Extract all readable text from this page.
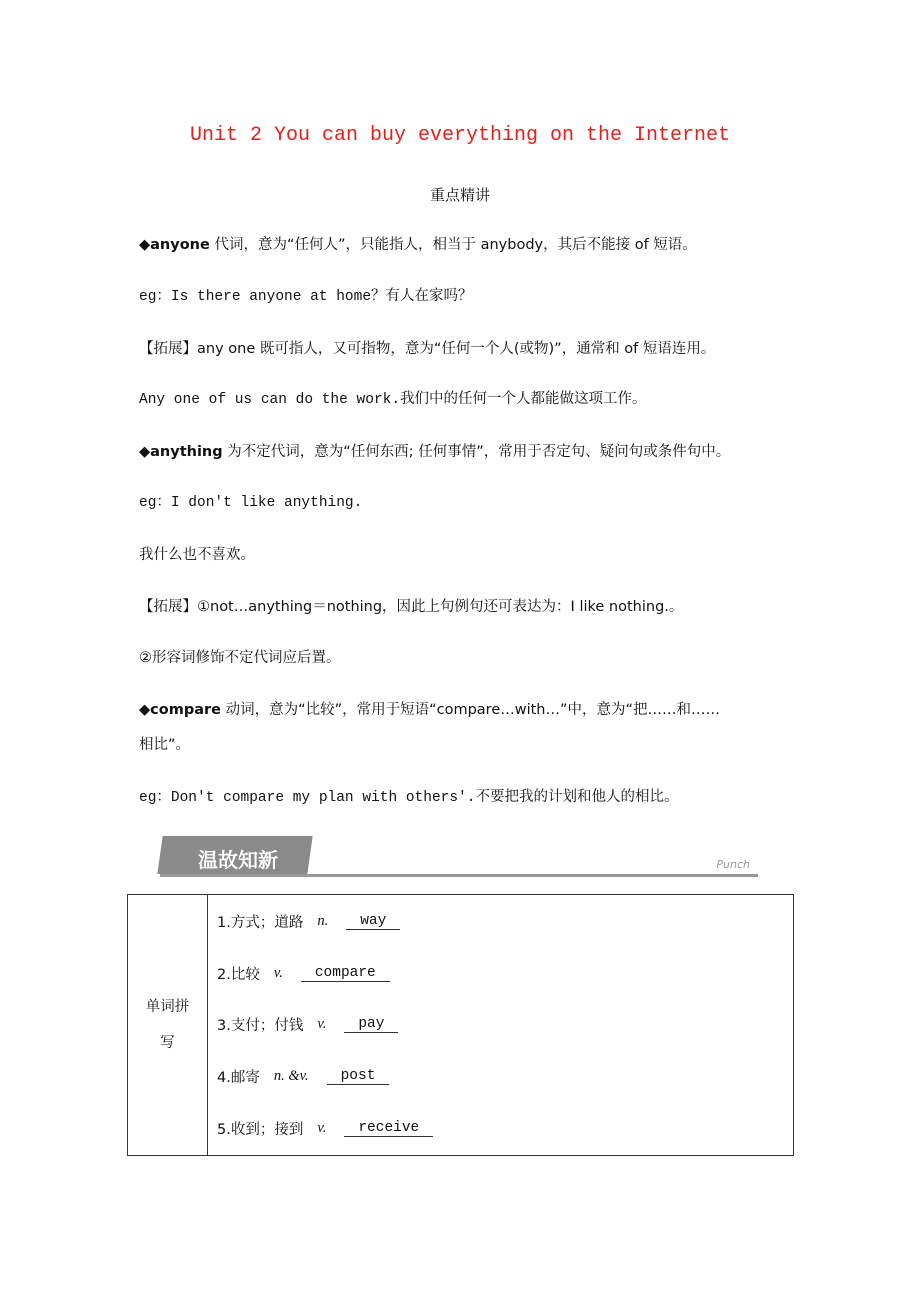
Unit 2 You can buy everything on the Internet
重点精讲
◆anyone 代词，意为“任何人”，只能指人，相当于 anybody，其后不能接 of 短语。
eg：Is there anyone at home？有人在家吗？
【拓展】any one 既可指人，又可指物，意为“任何一个人(或物)”，通常和 of 短语连用。
Any one of us can do the work.我们中的任何一个人都能做这项工作。
◆anything 为不定代词，意为“任何东西; 任何事情”，常用于否定句、疑问句或条件句中。
eg：I don't like anything.
我什么也不喜欢。
【拓展】①not…anything＝nothing，因此上句例句还可表达为：I like nothing.。
②形容词修饰不定代词应后置。
◆compare 动词，意为“比较”，常用于短语“compare…with…”中，意为“把……和……
相比”。
eg：Don't compare my plan with others'.不要把我的计划和他人的相比。
温故知新	Punch
单词拼写

1.方式；道路 n.	way
2.比较 v.	compare
3.支付；付钱 v.	pay
4.邮寄 n. &v.	post
5.收到；接到 v.	receive
